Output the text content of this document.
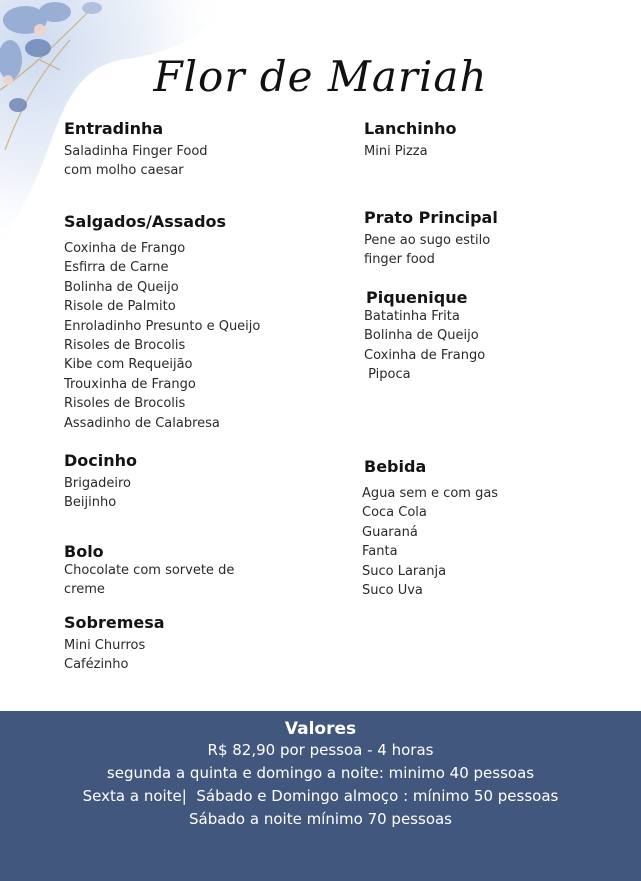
Flor de Mariah
Entradinha
Saladinha Finger Food
com molho caesar
Salgados/Assados
Coxinha de Frango
Esfirra de Carne
Bolinha de Queijo
Risole de Palmito
Enroladinho Presunto e Queijo
Risoles de Brocolis
Kibe com Requeijão
Trouxinha de Frango
Risoles de Brocolis
Assadinho de Calabresa
Docinho
Brigadeiro
Beijinho
Bolo
Chocolate com sorvete de
creme
Sobremesa
Mini Churros
Cafézinho
Lanchinho
Mini Pizza
Prato Principal
Pene ao sugo estilo
finger food
Piquenique
Batatinha Frita
Bolinha de Queijo
Coxinha de Frango
Pipoca
Bebida
Agua sem e com gas
Coca Cola
Guaraná
Fanta
Suco Laranja
Suco Uva
Valores
R$ 82,90 por pessoa - 4 horas
segunda a quinta e domingo a noite: minimo 40 pessoas
Sexta a noite|  Sábado e Domingo almoço : mínimo 50 pessoas
Sábado a noite mínimo 70 pessoas
